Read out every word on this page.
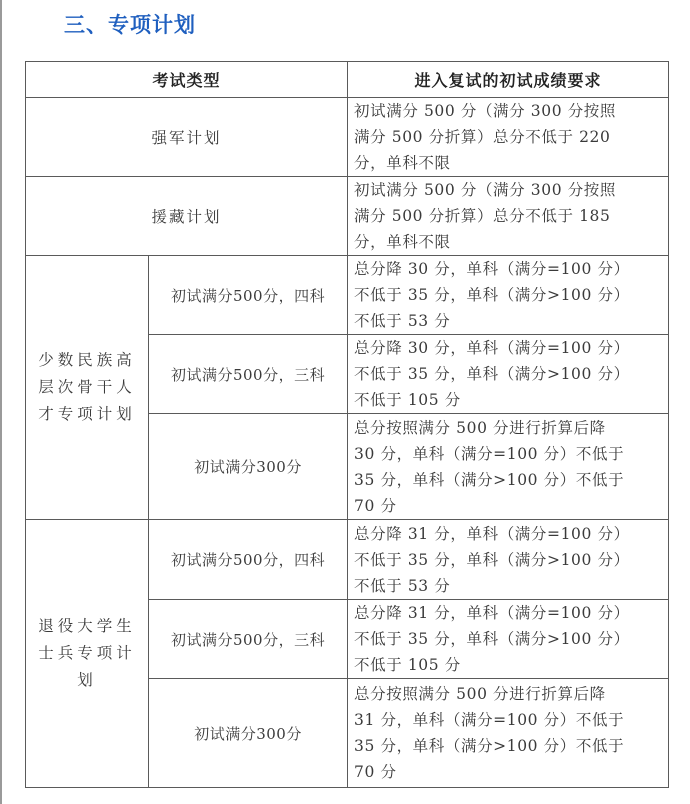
三、专项计划
考试类型		进入复试的初试成绩要求
强军计划		初试满分 500 分（满分 300 分按照
满分 500 分折算）总分不低于 220
分，单科不限

援藏计划		初试满分 500 分（满分 300 分按照
满分 500 分折算）总分不低于 185
分，单科不限

少数民族高
层次骨干人
才专项计划	初试满分500分，四科	总分降 30 分，单科（满分=100 分）
不低于 35 分，单科（满分>100 分）
不低于 53 分

	初试满分500分，三科	总分降 30 分，单科（满分=100 分）
不低于 35 分，单科（满分>100 分）
不低于 105 分

	初试满分300分	总分按照满分 500 分进行折算后降
30 分，单科（满分=100 分）不低于
35 分，单科（满分>100 分）不低于
70 分

退役大学生
士兵专项计
划	初试满分500分，四科	总分降 31 分，单科（满分=100 分）
不低于 35 分，单科（满分>100 分）
不低于 53 分

	初试满分500分，三科	总分降 31 分，单科（满分=100 分）
不低于 35 分，单科（满分>100 分）
不低于 105 分

	初试满分300分	总分按照满分 500 分进行折算后降
31 分，单科（满分=100 分）不低于
35 分，单科（满分>100 分）不低于
70 分
